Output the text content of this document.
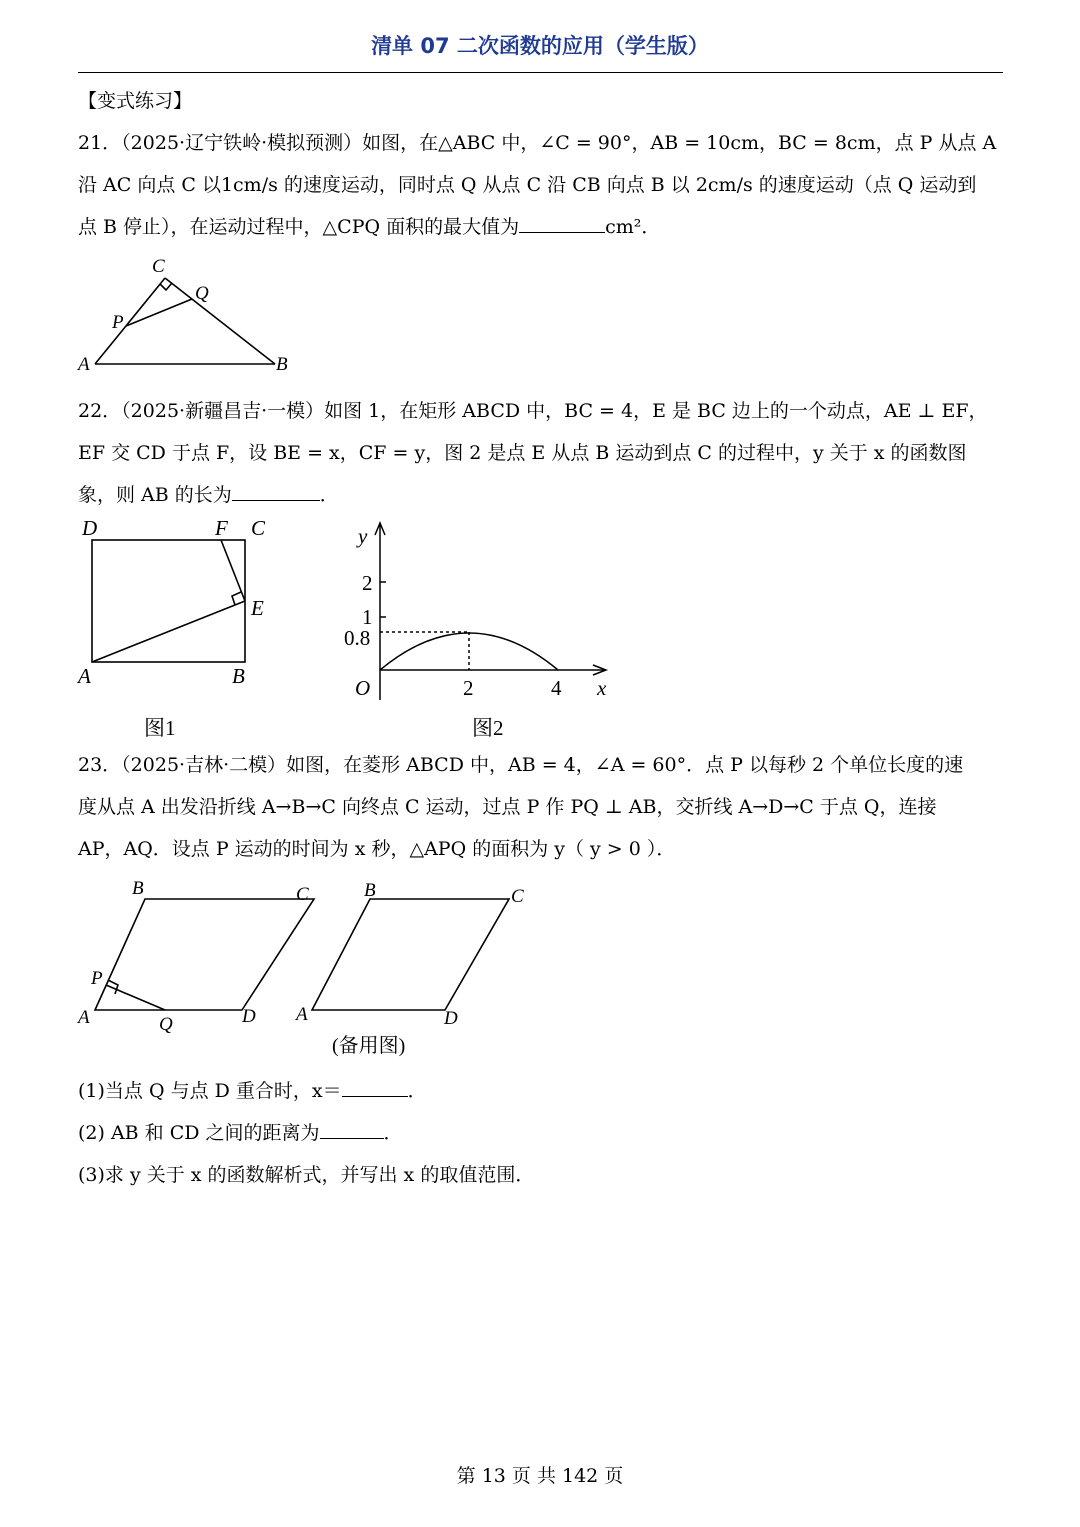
清单 07 二次函数的应用（学生版）
【变式练习】
21．（2025·辽宁铁岭·模拟预测）如图，在△ABC 中，∠C = 90°，AB = 10cm，BC = 8cm，点 P 从点 A
沿 AC 向点 C 以1cm/s 的速度运动，同时点 Q 从点 C 沿 CB 向点 B 以 2cm/s 的速度运动（点 Q 运动到
点 B 停止），在运动过程中，△CPQ 面积的最大值为	cm²．
C
Q
P
A	B
22．（2025·新疆昌吉·一模）如图 1，在矩形 ABCD 中，BC = 4，E 是 BC 边上的一个动点，AE ⊥ EF，
EF 交 CD 于点 F，设 BE = x，CF = y，图 2 是点 E 从点 B 运动到点 C 的过程中，y 关于 x 的函数图
象，则 AB 的长为	．
D	F C
E
A	B
图1
y
2
1
0.8
O	2	4 x
图2
23．（2025·吉林·二模）如图，在菱形 ABCD 中，AB = 4，∠A = 60°．点 P 以每秒 2 个单位长度的速
度从点 A 出发沿折线 A→B→C 向终点 C 运动，过点 P 作 PQ ⊥ AB，交折线 A→D→C 于点 Q，连接
AP，AQ．设点 P 运动的时间为 x 秒，△APQ 的面积为 y（ y > 0 ）．
B	C
P
A	Q	D
B	C
A	D
(备用图)
(1)当点 Q 与点 D 重合时，x＝	．
(2) AB 和 CD 之间的距离为	．
(3)求 y 关于 x 的函数解析式，并写出 x 的取值范围．
第 13 页 共 142 页
